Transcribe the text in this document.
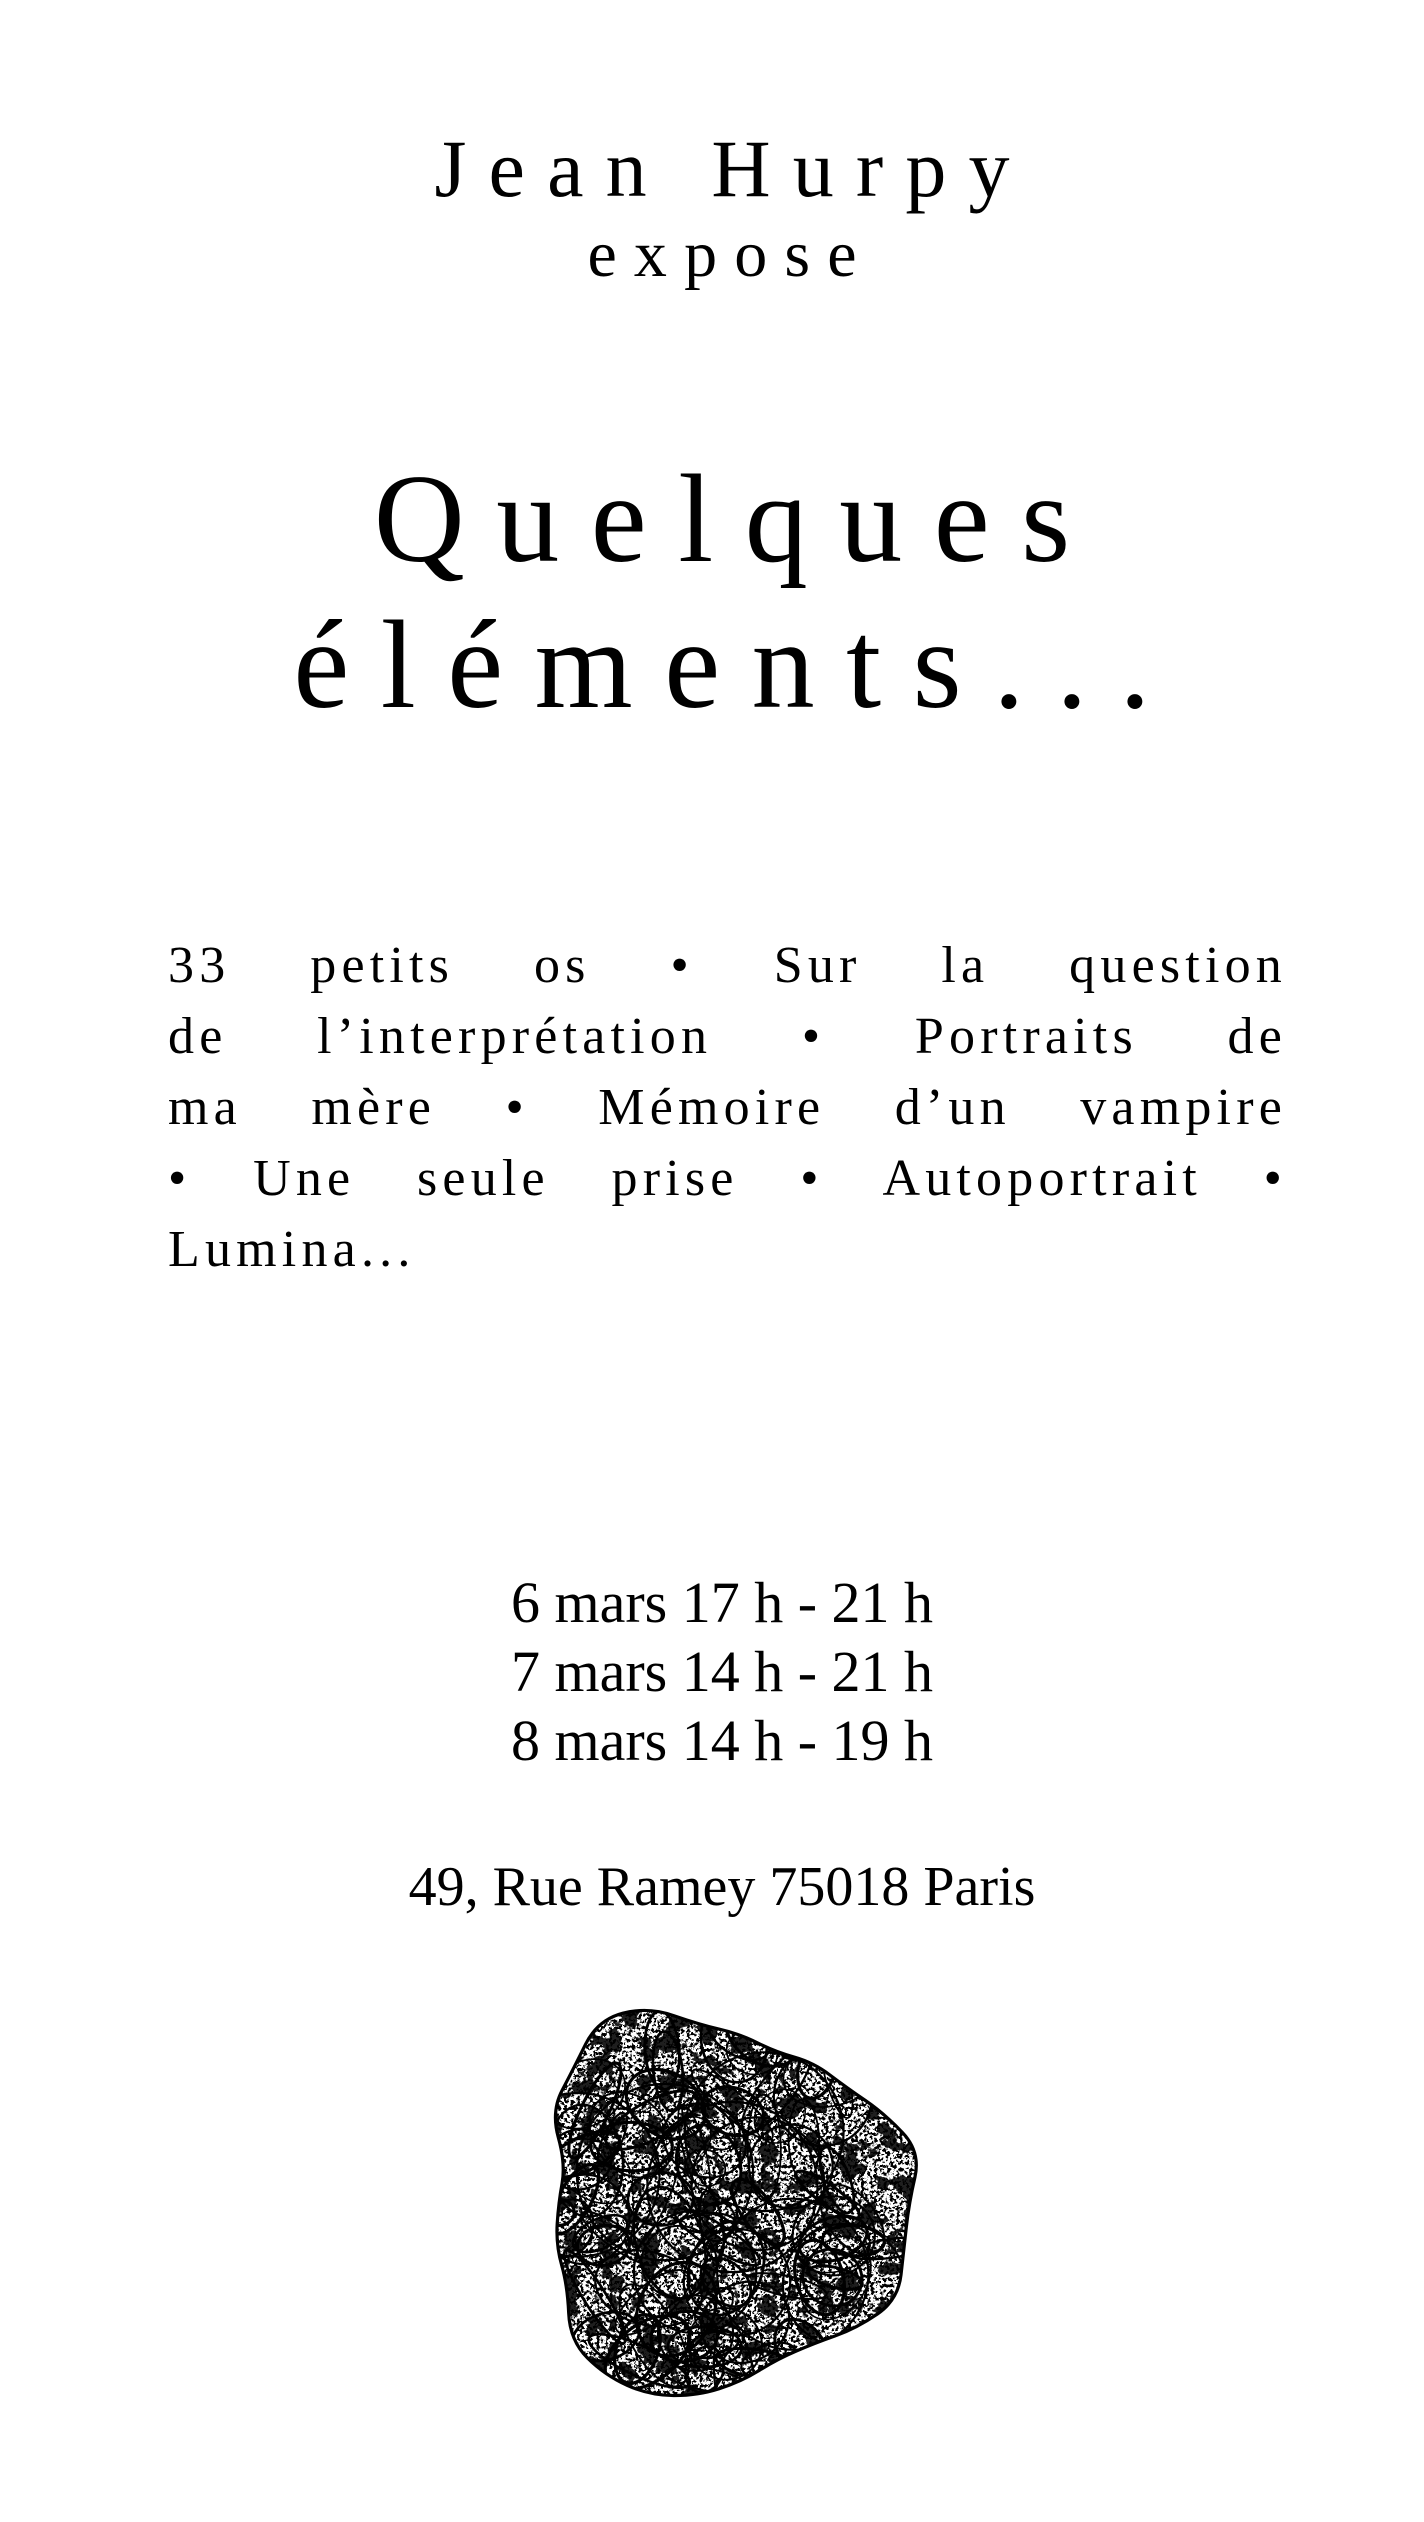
Jean Hurpy
expose
Quelques
éléments...
33 petits os • Sur la question
de l’interprétation • Portraits de
ma mère • Mémoire d’un vampire
• Une seule prise • Autoportrait •
Lumina...
6 mars 17 h - 21 h
7 mars 14 h - 21 h
8 mars 14 h - 19 h
49, Rue Ramey 75018 Paris
